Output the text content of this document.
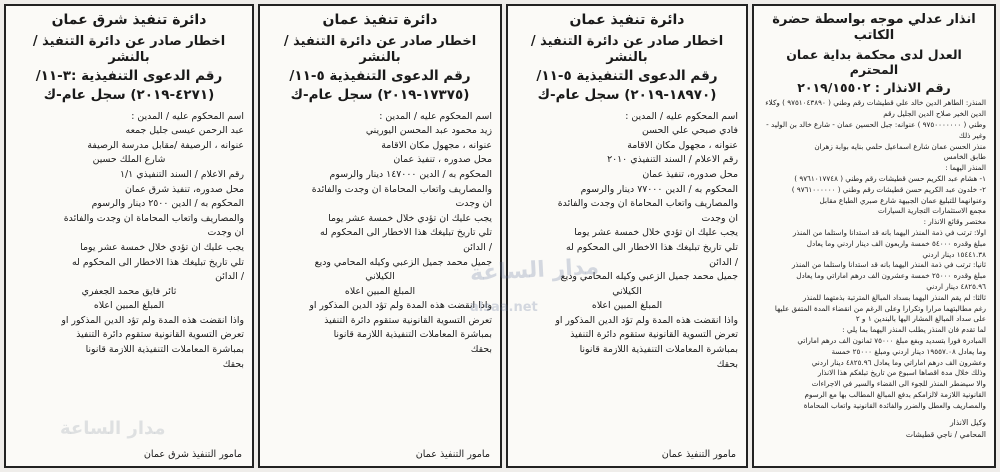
انذار عدلي موجه بواسطة حضرة الكاتب
العدل لدى محكمة بداية عمان المحترم
رقم الانذار : ٢٠١٩/١٥٥٠٢

المنذر: الطاهر الدين خالد علي قطيشات رقم وطني ( ٩٧٥١٠٤٣٨٩٠ ) وكلاء الدين الخير صلاح الدين الجليل رقم

وطني ( ٩٧٥٠٠٠٠٠٠٠ ) عنوانه: جبل الحسين عمان - شارع خالد بن الوليد - وغير ذلك

منذر الحسن عمان شارع اسماعيل حلمي بنايه بوابة زهران

طابق الخامس

المنذر اليهما :

١- هشام عبد الكريم حسن قطيشات رقم وطني ( ٩٧٦١٠١٧٧٤٨ )

٢- خلدون عبد الكريم حسن قطيشات رقم وطني ( ٩٧٦١٠٠٠٠٠٠ )

وعنوانهما للتبليغ عمان الجبيهة شارع صبري الطباع مقابل

مجمع الاستثمارات التجارية السيارات

مختصر وقائع الانذار :

اولا: ترتب في ذمة المنذر اليهما بانه قد استدانا واستلما من المنذر

مبلغ وقدره ٥٤٠٠٠ خمسة واربعون الف دينار اردني وما يعادل

١٥٤٤١.٣٨ دينار اردني

ثانيا: ترتب في ذمة المنذر اليهما بانه قد استدانا واستلما من المنذر

مبلغ وقدره ٢٥٠٠٠ خمسة وعشرون الف درهم اماراتي وما يعادل

٤٨٢٥.٩٦ دينار اردني

ثالثا: لم يقم المنذر اليهما بسداد المبالغ المترتبة بذمتهما للمنذر

رغم مطالبتهما مرارا وتكرارا وعلى الرغم من انقضاء المدة المتفق عليها

على سداد المبالغ المشار اليها بالبندين ١ و ٢

لما تقدم فان المنذر يطلب المنذر اليهما بما يلي :

المبادرة فورا بتسديد وبفع مبلغ ٧٥٠٠٠ ثمانون الف درهم اماراتي

وما يعادل ١٩٥٥٧.٠٨ دينار اردني ومبلغ ٢٥٠٠٠ خمسة

وعشرون الف درهم اماراتي وما يعادل ٤٨٢٥.٩٦ دينار اردني

وذلك خلال مدة اقصاها اسبوع من تاريخ تبلغكم هذا الانذار

والا سيضطر المنذر للجوء الى القضاء والسير في الاجراءات

القانونية اللازمة لالزامكم بدفع المبالغ المطالب بها مع الرسوم

والمصاريف والعطل والضرر والفائدة القانونية واتعاب المحاماة

وكيل الانذار

المحامي / ناجي قطيشات

دائرة تنفيذ عمان
اخطار صادر عن دائرة التنفيذ / بالنشر
رقم الدعوى التنفيذية ٥-١١/
(١٨٩٧٠-٢٠١٩) سجل عام-ك

اسم المحكوم عليه / المدين :

فادي صبحي علي الحسن

عنوانه ، مجهول مكان الاقامة

رقم الاعلام / السند التنفيذي ٢٠١٠

محل صدوره، تنفيذ عمان

المحكوم به / الدين ٧٧٠٠٠ دينار والرسوم

والمصاريف واتعاب المحاماة ان وجدت والفائدة

ان وجدت

يجب عليك ان تؤدي خلال خمسة عشر يوما

تلي تاريخ تبليغك هذا الاخطار الى المحكوم له

/ الدائن

جميل محمد جميل الزعبي وكيله المحامي وديع

الكيلاني

المبلغ المبين اعلاه

واذا انقضت هذه المدة ولم تؤد الدين المذكور او

تعرض التسوية القانونية ستقوم دائرة التنفيذ

بمباشرة المعاملات التنفيذية اللازمة قانونا

بحقك

مامور التنفيذ عمان
دائرة تنفيذ عمان
اخطار صادر عن دائرة التنفيذ / بالنشر
رقم الدعوى التنفيذية ٥-١١/
(١٧٣٧٥-٢٠١٩) سجل عام-ك

اسم المحكوم عليه / المدين :

زيد محمود عبد المحسن اليوريني

عنوانه ، مجهول مكان الاقامة

محل صدوره ، تنفيذ عمان

المحكوم به / الدين ١٤٧٠٠٠ دينار والرسوم

والمصاريف واتعاب المحاماة ان وجدت والفائدة

ان وجدت

يجب عليك ان تؤدي خلال خمسة عشر يوما

تلي تاريخ تبليغك هذا الاخطار الى المحكوم له

/ الدائن

جميل محمد جميل الزعبي وكيله المحامي وديع

الكيلاني

المبلغ المبين اعلاه

واذا انقضت هذه المدة ولم تؤد الدين المذكور او

تعرض التسوية القانونية ستقوم دائرة التنفيذ

بمباشرة المعاملات التنفيذية اللازمة قانونا

بحقك

مامور التنفيذ عمان
دائرة تنفيذ شرق عمان
اخطار صادر عن دائرة التنفيذ / بالنشر
رقم الدعوى التنفيذية :٣-١١/
(٤٢٧١-٢٠١٩) سجل عام-ك

اسم المحكوم عليه / المدين :

عبد الرحمن عيسى جليل جمعه

عنوانه ، الرصيفة /مقابل مدرسة الرصيفة

شارع الملك حسين

رقم الاعلام / السند التنفيذي ١/١

محل صدوره، تنفيذ شرق عمان

المحكوم به / الدين ٢٥٠٠ دينار والرسوم

والمصاريف واتعاب المحاماة ان وجدت والفائدة

ان وجدت

يجب عليك ان تؤدي خلال خمسة عشر يوما

تلي تاريخ تبليغك هذا الاخطار الى المحكوم له

/ الدائن

ثائر فايق محمد الجعفري

المبلغ المبين اعلاه

واذا انقضت هذه المدة ولم تؤد الدين المذكور او

تعرض التسوية القانونية ستقوم دائرة التنفيذ

بمباشرة المعاملات التنفيذية اللازمة قانونا

بحقك

مامور التنفيذ شرق عمان
مدار الساعة
alsaa.net
مدار الساعة
